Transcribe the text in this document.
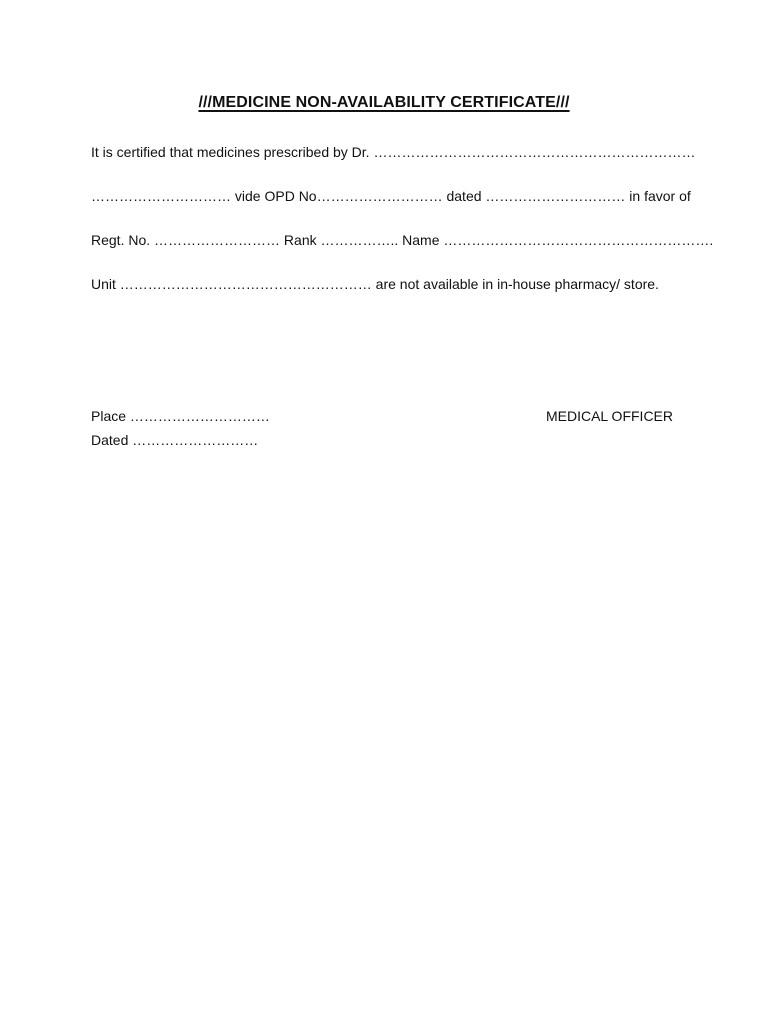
///MEDICINE NON-AVAILABILITY CERTIFICATE///
It is certified that medicines prescribed by Dr. ……………………………………………………………
………………………… vide OPD No……………………… dated ………………………… in favor of
Regt. No. ……………………… Rank …………….. Name ………………………………………………….
Unit ……………………………………………… are not available in in-house pharmacy/ store.
Place …………………………
Dated ………………………
MEDICAL OFFICER
